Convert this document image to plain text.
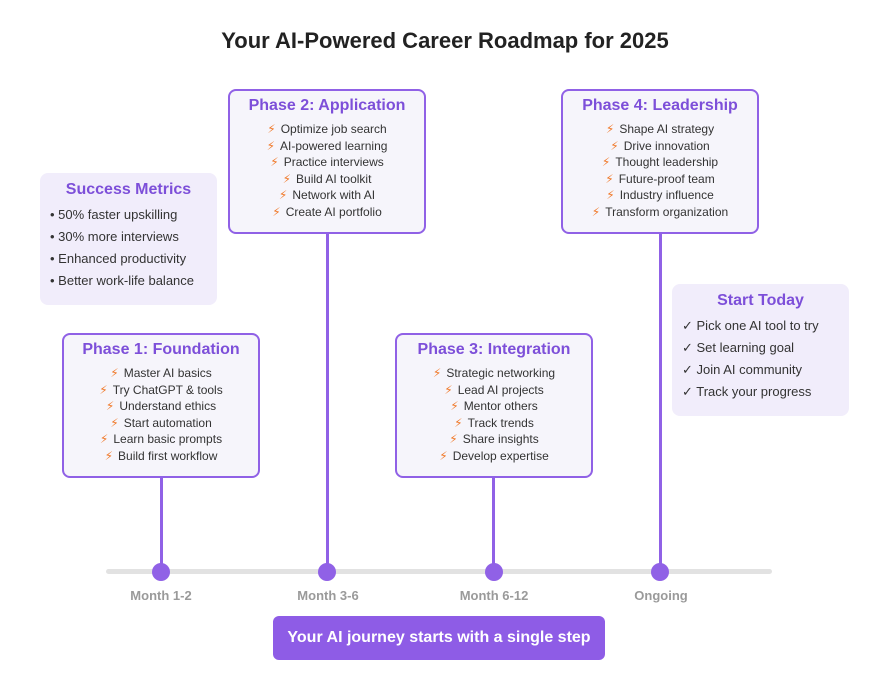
Your AI-Powered Career Roadmap for 2025
Month 1-2	Month 3-6	Month 6-12	Ongoing
Phase 1: Foundation
⚡ Master AI basics
⚡ Try ChatGPT & tools
⚡ Understand ethics
⚡ Start automation
⚡ Learn basic prompts
⚡ Build first workflow
Phase 2: Application
⚡ Optimize job search
⚡ AI-powered learning
⚡ Practice interviews
⚡ Build AI toolkit
⚡ Network with AI
⚡ Create AI portfolio
Phase 3: Integration
⚡ Strategic networking
⚡ Lead AI projects
⚡ Mentor others
⚡ Track trends
⚡ Share insights
⚡ Develop expertise
Phase 4: Leadership
⚡ Shape AI strategy
⚡ Drive innovation
⚡ Thought leadership
⚡ Future-proof team
⚡ Industry influence
⚡ Transform organization
Success Metrics
• 50% faster upskilling
• 30% more interviews
• Enhanced productivity
• Better work-life balance
Start Today
✓ Pick one AI tool to try
✓ Set learning goal
✓ Join AI community
✓ Track your progress
Your AI journey starts with a single step
